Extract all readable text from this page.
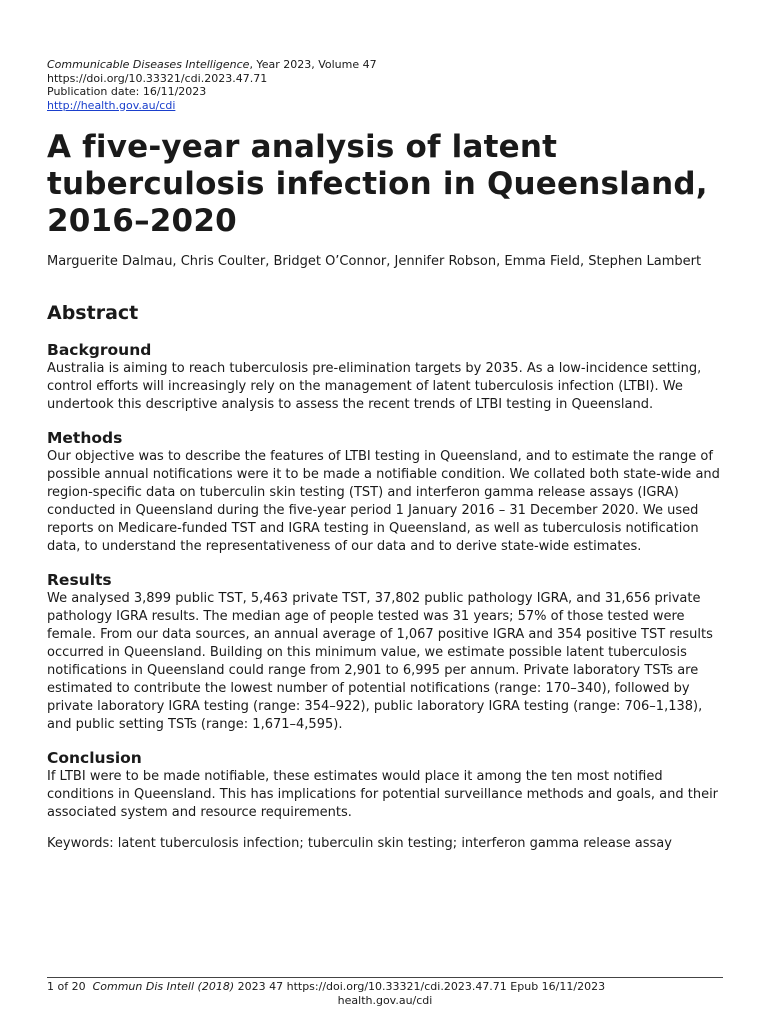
Communicable Diseases Intelligence, Year 2023, Volume 47

https://doi.org/10.33321/cdi.2023.47.71

Publication date: 16/11/2023

http://health.gov.au/cdi

A five-year analysis of latent tuberculosis infection in Queensland, 2016–2020

Marguerite Dalmau, Chris Coulter, Bridget O’Connor, Jennifer Robson, Emma Field, Stephen Lambert

Abstract
Background

Australia is aiming to reach tuberculosis pre-elimination targets by 2035. As a low-incidence setting, control efforts will increasingly rely on the management of latent tuberculosis infection (LTBI). We undertook this descriptive analysis to assess the recent trends of LTBI testing in Queensland.

Methods

Our objective was to describe the features of LTBI testing in Queensland, and to estimate the range of possible annual notifications were it to be made a notifiable condition. We collated both state-wide and region-specific data on tuberculin skin testing (TST) and interferon gamma release assays (IGRA) conducted in Queensland during the five-year period 1 January 2016 – 31 December 2020. We used reports on Medicare-funded TST and IGRA testing in Queensland, as well as tuberculosis notification data, to understand the representativeness of our data and to derive state-wide estimates.

Results

We analysed 3,899 public TST, 5,463 private TST, 37,802 public pathology IGRA, and 31,656 private pathology IGRA results. The median age of people tested was 31 years; 57% of those tested were female. From our data sources, an annual average of 1,067 positive IGRA and 354 positive TST results occurred in Queensland. Building on this minimum value, we estimate possible latent tuberculosis notifications in Queensland could range from 2,901 to 6,995 per annum. Private laboratory TSTs are estimated to contribute the lowest number of potential notifications (range: 170–340), followed by private laboratory IGRA testing (range: 354–922), public laboratory IGRA testing (range: 706–1,138), and public setting TSTs (range: 1,671–4,595).

Conclusion

If LTBI were to be made notifiable, these estimates would place it among the ten most notified conditions in Queensland. This has implications for potential surveillance methods and goals, and their associated system and resource requirements.

Keywords: latent tuberculosis infection; tuberculin skin testing; interferon gamma release assay

1 of 20 Commun Dis Intell (2018) 2023 47 https://doi.org/10.33321/cdi.2023.47.71 Epub 16/11/2023
health.gov.au/cdi
